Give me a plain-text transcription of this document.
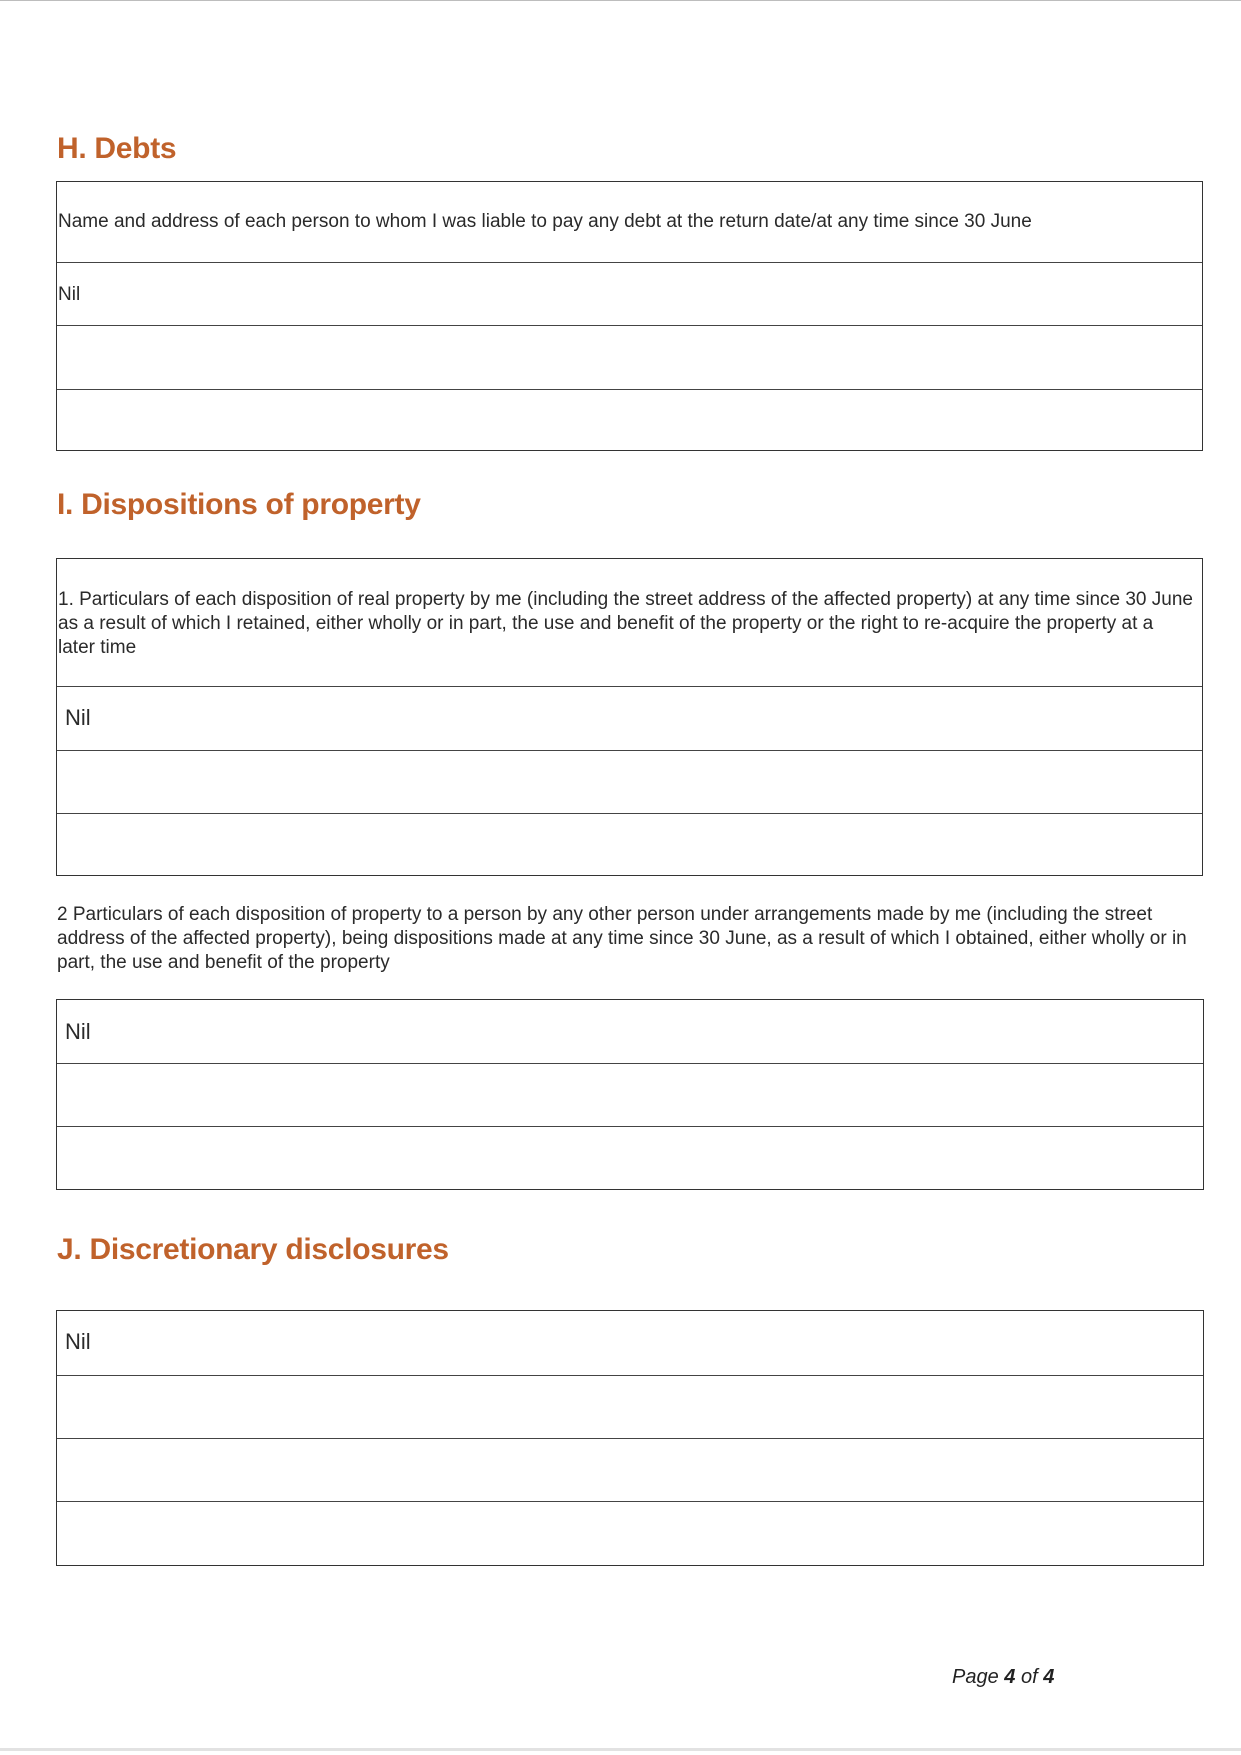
H. Debts
Name and address of each person to whom I was liable to pay any debt at the return date/at any time since 30 June
Nil
I. Dispositions of property
1. Particulars of each disposition of real property by me (including the street address of the affected property) at any time since 30 June as a result of which I retained, either wholly or in part, the use and benefit of the property or the right to re-acquire the property at a later time
Nil

2 Particulars of each disposition of property to a person by any other person under arrangements made by me (including the street address of the affected property), being dispositions made at any time since 30 June, as a result of which I obtained, either wholly or in part, the use and benefit of the property

Nil
J. Discretionary disclosures
Nil
Page 4 of 4
